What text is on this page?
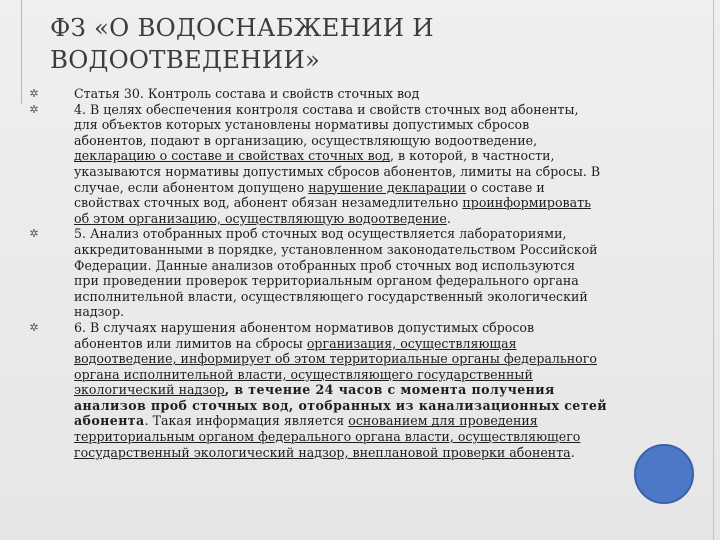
ФЗ «О ВОДОСНАБЖЕНИИ И
ВОДООТВЕДЕНИИ»
✲	Статья 30. Контроль состава и свойств сточных вод
✲	4. В целях обеспечения контроля состава и свойств сточных вод абоненты,
для объектов которых установлены нормативы допустимых сбросов
абонентов, подают в организацию, осуществляющую водоотведение,
декларацию о составе и свойствах сточных вод, в которой, в частности,
указываются нормативы допустимых сбросов абонентов, лимиты на сбросы. В
случае, если абонентом допущено нарушение декларации о составе и
свойствах сточных вод, абонент обязан незамедлительно проинформировать
об этом организацию, осуществляющую водоотведение.
✲	5. Анализ отобранных проб сточных вод осуществляется лабораториями,
аккредитованными в порядке, установленном законодательством Российской
Федерации. Данные анализов отобранных проб сточных вод используются
при проведении проверок территориальным органом федерального органа
исполнительной власти, осуществляющего государственный экологический
надзор.
✲	6. В случаях нарушения абонентом нормативов допустимых сбросов
абонентов или лимитов на сбросы организация, осуществляющая
водоотведение, информирует об этом территориальные органы федерального
органа исполнительной власти, осуществляющего государственный
экологический надзор, в течение 24 часов с момента получения
анализов проб сточных вод, отобранных из канализационных сетей
абонента. Такая информация является основанием для проведения
территориальным органом федерального органа власти, осуществляющего
государственный экологический надзор, внеплановой проверки абонента.
